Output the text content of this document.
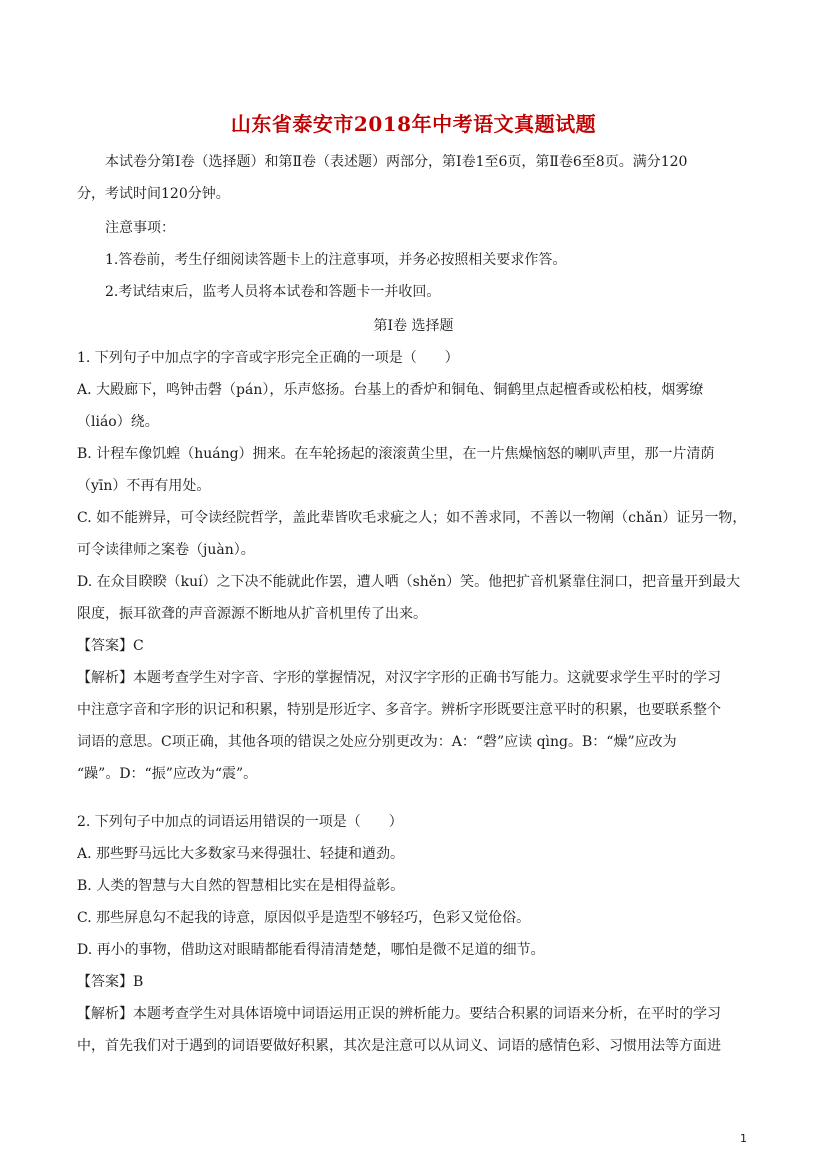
山东省泰安市2018年中考语文真题试题
本试卷分第Ⅰ卷（选择题）和第Ⅱ卷（表述题）两部分，第Ⅰ卷1至6页，第Ⅱ卷6至8页。满分120
分，考试时间120分钟。
注意事项：
1.答卷前，考生仔细阅读答题卡上的注意事项，并务必按照相关要求作答。
2.考试结束后，监考人员将本试卷和答题卡一并收回。
第Ⅰ卷 选择题
1. 下列句子中加点字的字音或字形完全正确的一项是（　　）
A. 大殿廊下，鸣钟击磬（pán），乐声悠扬。台基上的香炉和铜龟、铜鹤里点起檀香或松柏枝，烟雾缭
（liáo）绕。
B. 计程车像饥蝗（huáng）拥来。在车轮扬起的滚滚黄尘里，在一片焦燥恼怒的喇叭声里，那一片清荫
（yīn）不再有用处。
C. 如不能辨异，可令读经院哲学，盖此辈皆吹毛求疵之人；如不善求同，不善以一物阐（chǎn）证另一物，
可令读律师之案卷（juàn）。
D. 在众目睽睽（kuí）之下决不能就此作罢，遭人哂（shěn）笑。他把扩音机紧靠住洞口，把音量开到最大
限度，振耳欲聋的声音源源不断地从扩音机里传了出来。
【答案】C
【解析】本题考查学生对字音、字形的掌握情况，对汉字字形的正确书写能力。这就要求学生平时的学习
中注意字音和字形的识记和积累，特别是形近字、多音字。辨析字形既要注意平时的积累，也要联系整个
词语的意思。C项正确，其他各项的错误之处应分别更改为：A：“磬”应读 qìng。B：“燥”应改为
“躁”。D：“振”应改为“震”。
2. 下列句子中加点的词语运用错误的一项是（　　）
A. 那些野马远比大多数家马来得强壮、轻捷和遒劲。
B. 人类的智慧与大自然的智慧相比实在是相得益彰。
C. 那些屏息勾不起我的诗意，原因似乎是造型不够轻巧，色彩又觉伧俗。
D. 再小的事物，借助这对眼睛都能看得清清楚楚，哪怕是微不足道的细节。
【答案】B
【解析】本题考查学生对具体语境中词语运用正误的辨析能力。要结合积累的词语来分析，在平时的学习
中，首先我们对于遇到的词语要做好积累，其次是注意可以从词义、词语的感情色彩、习惯用法等方面进
1
